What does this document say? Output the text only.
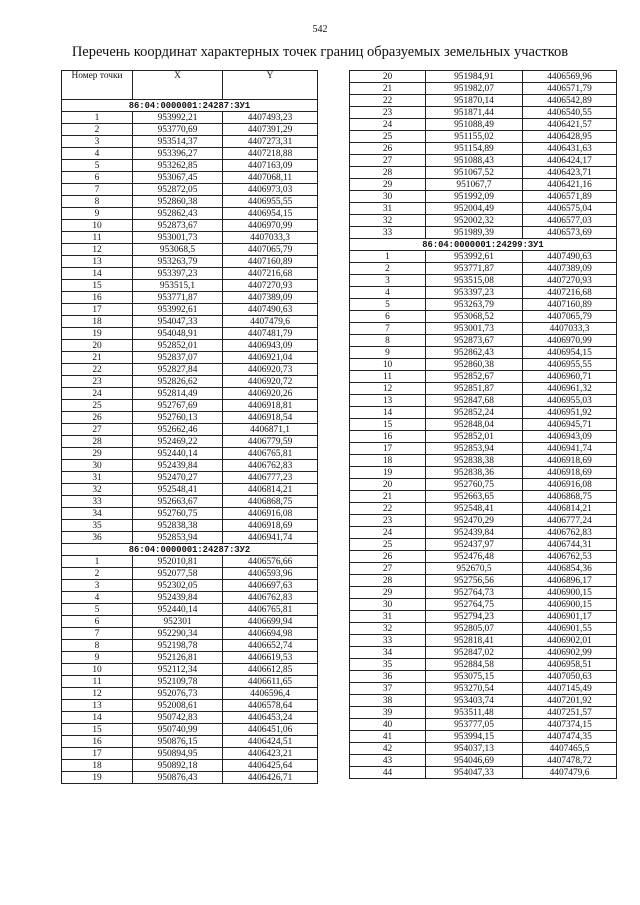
542
Перечень координат характерных точек границ образуемых земельных участков
Номер точки	X	Y
86:04:0000001:24287:ЗУ1		
1	953992,21	4407493,23
2	953770,69	4407391,29
3	953514,37	4407273,31
4	953396,27	4407218,88
5	953262,85	4407163,09
6	953067,45	4407068,11
7	952872,05	4406973,03
8	952860,38	4406955,55
9	952862,43	4406954,15
10	952873,67	4406970,99
11	953001,73	4407033,3
12	953068,5	4407065,79
13	953263,79	4407160,89
14	953397,23	4407216,68
15	953515,1	4407270,93
16	953771,87	4407389,09
17	953992,61	4407490,63
18	954047,33	4407479,6
19	954048,91	4407481,79
20	952852,01	4406943,09
21	952837,07	4406921,04
22	952827,84	4406920,73
23	952826,62	4406920,72
24	952814,49	4406920,26
25	952767,69	4406918,81
26	952760,13	4406918,54
27	952662,46	4406871,1
28	952469,22	4406779,59
29	952440,14	4406765,81
30	952439,84	4406762,83
31	952470,27	4406777,23
32	952548,41	4406814,21
33	952663,67	4406868,75
34	952760,75	4406916,08
35	952838,38	4406918,69
36	952853,94	4406941,74
86:04:0000001:24287:ЗУ2		
1	952010,81	4406576,66
2	952077,58	4406593,96
3	952302,05	4406697,63
4	952439,84	4406762,83
5	952440,14	4406765,81
6	952301	4406699,94
7	952290,34	4406694,98
8	952198,78	4406652,74
9	952126,81	4406619,53
10	952112,34	4406612,85
11	952109,78	4406611,65
12	952076,73	4406596,4
13	952008,61	4406578,64
14	950742,83	4406453,24
15	950740,99	4406451,06
16	950876,15	4406424,51
17	950894,95	4406423,21
18	950892,18	4406425,64
19	950876,43	4406426,71
20	951984,91	4406569,96
21	951982,07	4406571,79
22	951870,14	4406542,89
23	951871,44	4406540,55
24	951088,49	4406421,57
25	951155,02	4406428,95
26	951154,89	4406431,63
27	951088,43	4406424,17
28	951067,52	4406423,71
29	951067,7	4406421,16
30	951992,09	4406571,89
31	952004,49	4406575,04
32	952002,32	4406577,03
33	951989,39	4406573,69
86:04:0000001:24299:ЗУ1		
1	953992,61	4407490,63
2	953771,87	4407389,09
3	953515,08	4407270,93
4	953397,23	4407216,68
5	953263,79	4407160,89
6	953068,52	4407065,79
7	953001,73	4407033,3
8	952873,67	4406970,99
9	952862,43	4406954,15
10	952860,38	4406955,55
11	952852,67	4406960,71
12	952851,87	4406961,32
13	952847,68	4406955,03
14	952852,24	4406951,92
15	952848,04	4406945,71
16	952852,01	4406943,09
17	952853,94	4406941,74
18	952838,38	4406918,69
19	952838,36	4406918,69
20	952760,75	4406916,08
21	952663,65	4406868,75
22	952548,41	4406814,21
23	952470,29	4406777,24
24	952439,84	4406762,83
25	952437,97	4406744,31
26	952476,48	4406762,53
27	952670,5	4406854,36
28	952756,56	4406896,17
29	952764,73	4406900,15
30	952764,75	4406900,15
31	952794,23	4406901,17
32	952805,07	4406901,55
33	952818,41	4406902,01
34	952847,02	4406902,99
35	952884,58	4406958,51
36	953075,15	4407050,63
37	953270,54	4407145,49
38	953403,74	4407201,92
39	953511,48	4407251,57
40	953777,05	4407374,15
41	953994,15	4407474,35
42	954037,13	4407465,5
43	954046,69	4407478,72
44	954047,33	4407479,6
